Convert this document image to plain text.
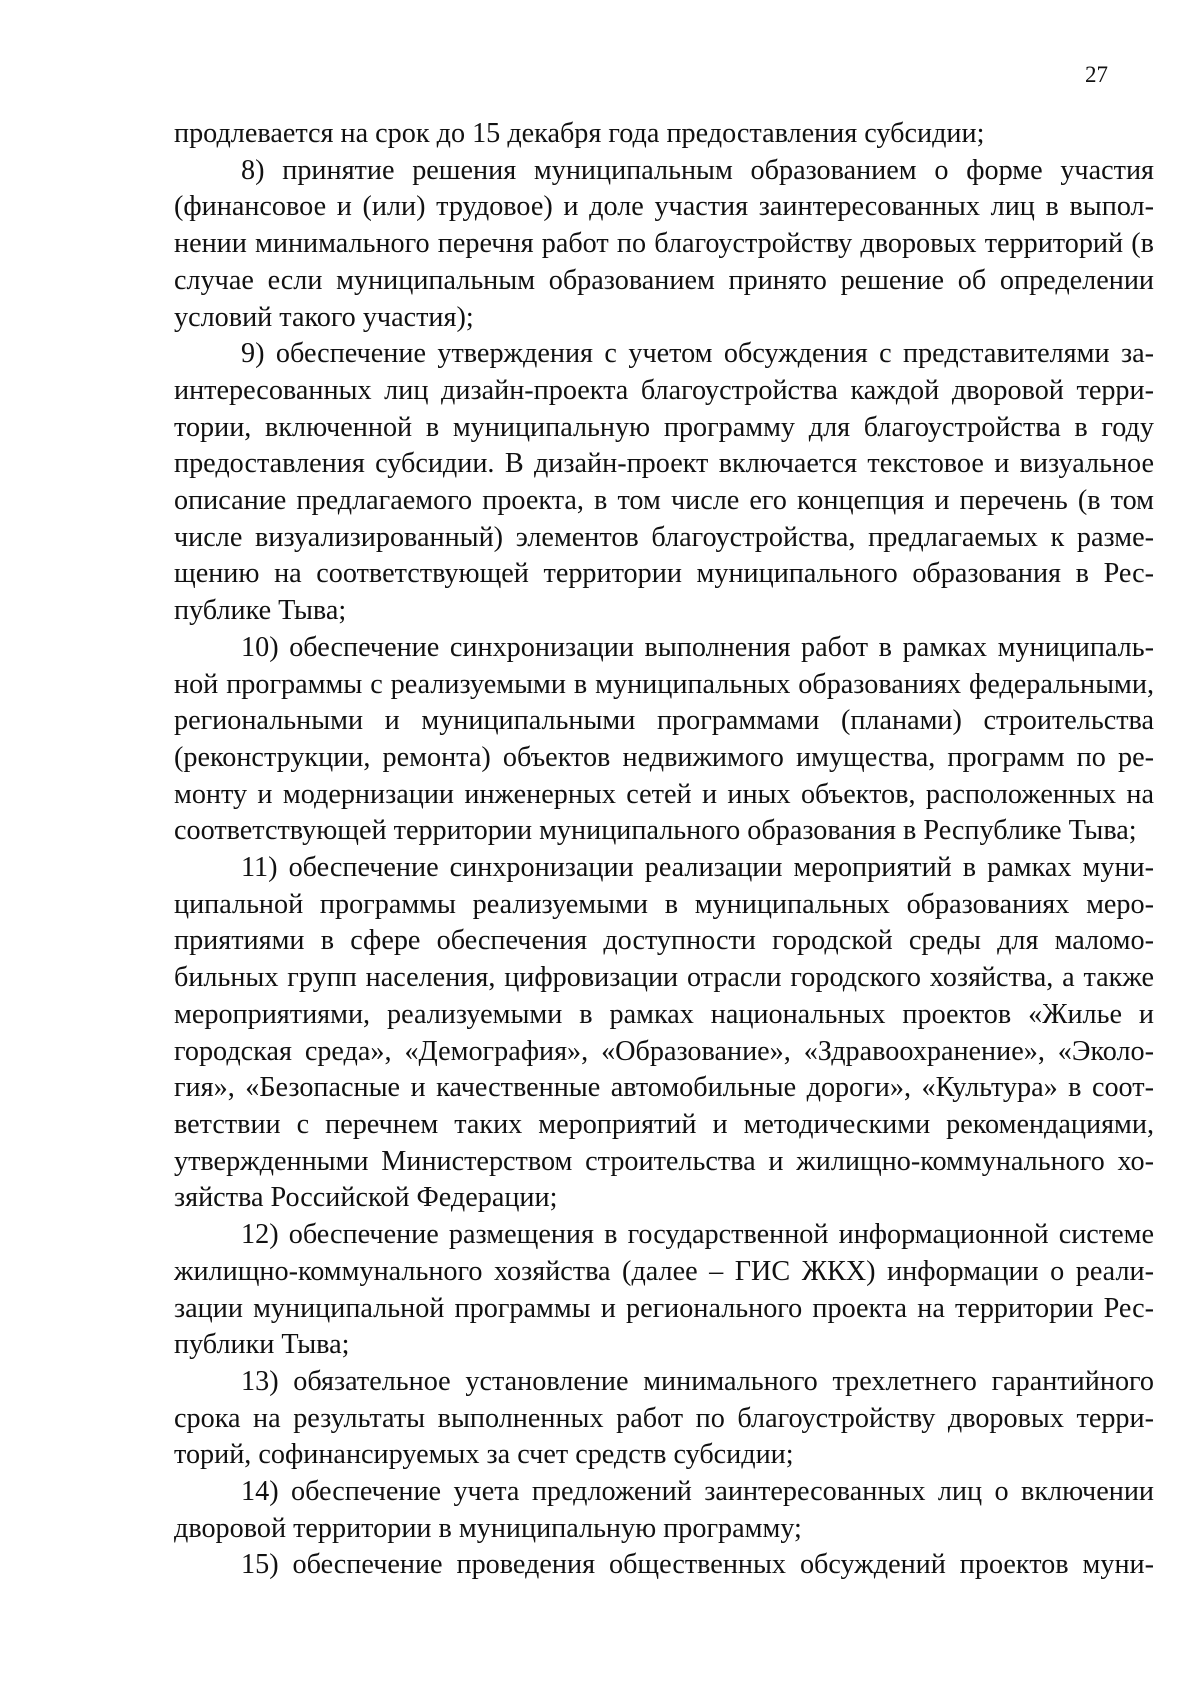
27

продлевается на срок до 15 декабря года предоставления субсидии;

8) принятие решения муниципальным образованием о форме участия (финансовое и (или) трудовое) и доле участия заинтересованных лиц в выполнении минимального перечня работ по благоустройству дворовых территорий (в случае если муниципальным образованием принято решение об определении условий такого участия);

9) обеспечение утверждения с учетом обсуждения с представителями заинтересованных лиц дизайн-проекта благоустройства каждой дворовой территории, включенной в муниципальную программу для благоустройства в году предоставления субсидии. В дизайн-проект включается текстовое и визуальное описание предлагаемого проекта, в том числе его концепция и перечень (в том числе визуализированный) элементов благоустройства, предлагаемых к размещению на соответствующей территории муниципального образования в Республике Тыва;

10) обеспечение синхронизации выполнения работ в рамках муниципальной программы с реализуемыми в муниципальных образованиях федеральными, региональными и муниципальными программами (планами) строительства (реконструкции, ремонта) объектов недвижимого имущества, программ по ремонту и модернизации инженерных сетей и иных объектов, расположенных на соответствующей территории муниципального образования в Республике Тыва;

11) обеспечение синхронизации реализации мероприятий в рамках муниципальной программы реализуемыми в муниципальных образованиях мероприятиями в сфере обеспечения доступности городской среды для маломобильных групп населения, цифровизации отрасли городского хозяйства, а также мероприятиями, реализуемыми в рамках национальных проектов «Жилье и городская среда», «Демография», «Образование», «Здравоохранение», «Экология», «Безопасные и качественные автомобильные дороги», «Культура» в соответствии с перечнем таких мероприятий и методическими рекомендациями, утвержденными Министерством строительства и жилищно-коммунального хозяйства Российской Федерации;

12) обеспечение размещения в государственной информационной системе жилищно-коммунального хозяйства (далее – ГИС ЖКХ) информации о реализации муниципальной программы и регионального проекта на территории Республики Тыва;

13) обязательное установление минимального трехлетнего гарантийного срока на результаты выполненных работ по благоустройству дворовых территорий, софинансируемых за счет средств субсидии;

14) обеспечение учета предложений заинтересованных лиц о включении дворовой территории в муниципальную программу;

15) обеспечение проведения общественных обсуждений проектов муни-
